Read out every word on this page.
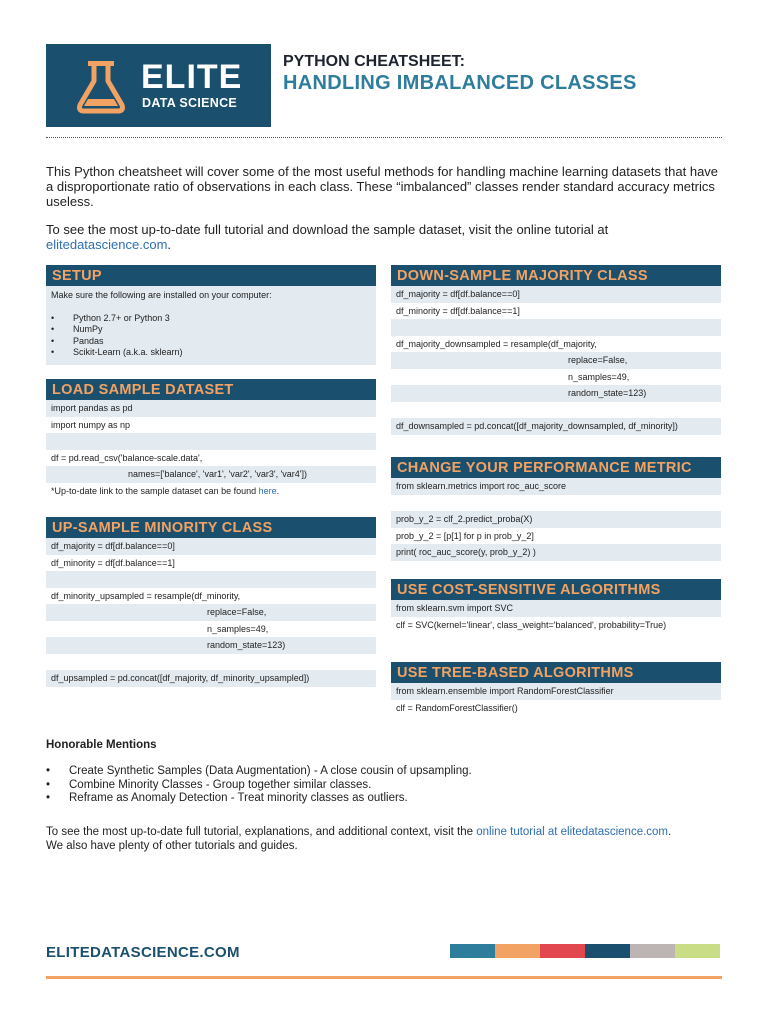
ELITE
DATA SCIENCE
PYTHON CHEATSHEET:
HANDLING IMBALANCED CLASSES

This Python cheatsheet will cover some of the most useful methods for handling machine learning datasets that have a disproportionate ratio of observations in each class. These “imbalanced” classes render standard accuracy metrics useless.

To see the most up-to-date full tutorial and download the sample dataset, visit the online tutorial at
elitedatascience.com.

SETUP
Make sure the following are installed on your computer:
• Python 2.7+ or Python 3
• NumPy
• Pandas
• Scikit-Learn (a.k.a. sklearn)
LOAD SAMPLE DATASET
import pandas as pd
import numpy as np
df = pd.read_csv('balance-scale.data',
names=['balance', 'var1', 'var2', 'var3', 'var4'])
*Up-to-date link to the sample dataset can be found here.
UP-SAMPLE MINORITY CLASS
df_majority = df[df.balance==0]
df_minority = df[df.balance==1]
df_minority_upsampled = resample(df_minority,
replace=False,
n_samples=49,
random_state=123)
df_upsampled = pd.concat([df_majority, df_minority_upsampled])
DOWN-SAMPLE MAJORITY CLASS
df_majority = df[df.balance==0]
df_minority = df[df.balance==1]
df_majority_downsampled = resample(df_majority,
replace=False,
n_samples=49,
random_state=123)
df_downsampled = pd.concat([df_majority_downsampled, df_minority])
CHANGE YOUR PERFORMANCE METRIC
from sklearn.metrics import roc_auc_score
prob_y_2 = clf_2.predict_proba(X)
prob_y_2 = [p[1] for p in prob_y_2]
print( roc_auc_score(y, prob_y_2) )
USE COST-SENSITIVE ALGORITHMS
from sklearn.svm import SVC
clf = SVC(kernel='linear', class_weight='balanced', probability=True)
USE TREE-BASED ALGORITHMS
from sklearn.ensemble import RandomForestClassifier
clf = RandomForestClassifier()
Honorable Mentions
• Create Synthetic Samples (Data Augmentation) - A close cousin of upsampling.
• Combine Minority Classes - Group together similar classes.
• Reframe as Anomaly Detection - Treat minority classes as outliers.

To see the most up-to-date full tutorial, explanations, and additional context, visit the online tutorial at elitedatascience.com.
We also have plenty of other tutorials and guides.

ELITEDATASCIENCE.COM
